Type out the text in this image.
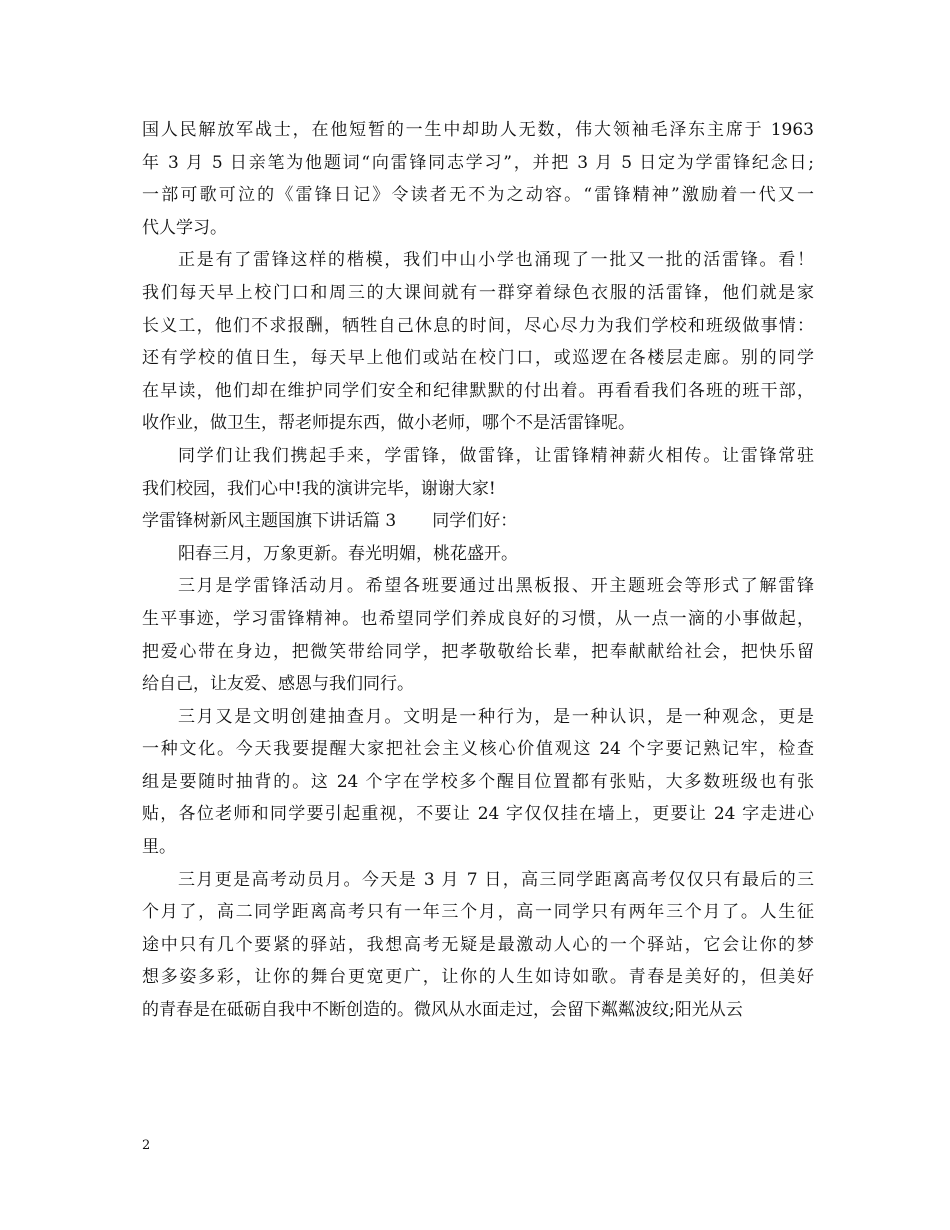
国人民解放军战士，在他短暂的一生中却助人无数，伟大领袖毛泽东主席于 1963
年 3 月 5 日亲笔为他题词“向雷锋同志学习”，并把 3 月 5 日定为学雷锋纪念日;
一部可歌可泣的《雷锋日记》令读者无不为之动容。“雷锋精神”激励着一代又一
代人学习。
正是有了雷锋这样的楷模，我们中山小学也涌现了一批又一批的活雷锋。看！
我们每天早上校门口和周三的大课间就有一群穿着绿色衣服的活雷锋，他们就是家
长义工，他们不求报酬，牺牲自己休息的时间，尽心尽力为我们学校和班级做事情：
还有学校的值日生，每天早上他们或站在校门口，或巡逻在各楼层走廊。别的同学
在早读，他们却在维护同学们安全和纪律默默的付出着。再看看我们各班的班干部，
收作业，做卫生，帮老师提东西，做小老师，哪个不是活雷锋呢。
同学们让我们携起手来，学雷锋，做雷锋，让雷锋精神薪火相传。让雷锋常驻
我们校园，我们心中!我的演讲完毕，谢谢大家!
学雷锋树新风主题国旗下讲话篇 3 同学们好：
阳春三月，万象更新。春光明媚，桃花盛开。
三月是学雷锋活动月。希望各班要通过出黑板报、开主题班会等形式了解雷锋
生平事迹，学习雷锋精神。也希望同学们养成良好的习惯，从一点一滴的小事做起，
把爱心带在身边，把微笑带给同学，把孝敬敬给长辈，把奉献献给社会，把快乐留
给自己，让友爱、感恩与我们同行。
三月又是文明创建抽查月。文明是一种行为，是一种认识，是一种观念，更是
一种文化。今天我要提醒大家把社会主义核心价值观这 24 个字要记熟记牢，检查
组是要随时抽背的。这 24 个字在学校多个醒目位置都有张贴，大多数班级也有张
贴，各位老师和同学要引起重视，不要让 24 字仅仅挂在墙上，更要让 24 字走进心
里。
三月更是高考动员月。今天是 3 月 7 日，高三同学距离高考仅仅只有最后的三
个月了，高二同学距离高考只有一年三个月，高一同学只有两年三个月了。人生征
途中只有几个要紧的驿站，我想高考无疑是最激动人心的一个驿站，它会让你的梦
想多姿多彩，让你的舞台更宽更广，让你的人生如诗如歌。青春是美好的，但美好
的青春是在砥砺自我中不断创造的。微风从水面走过，会留下粼粼波纹;阳光从云
2
